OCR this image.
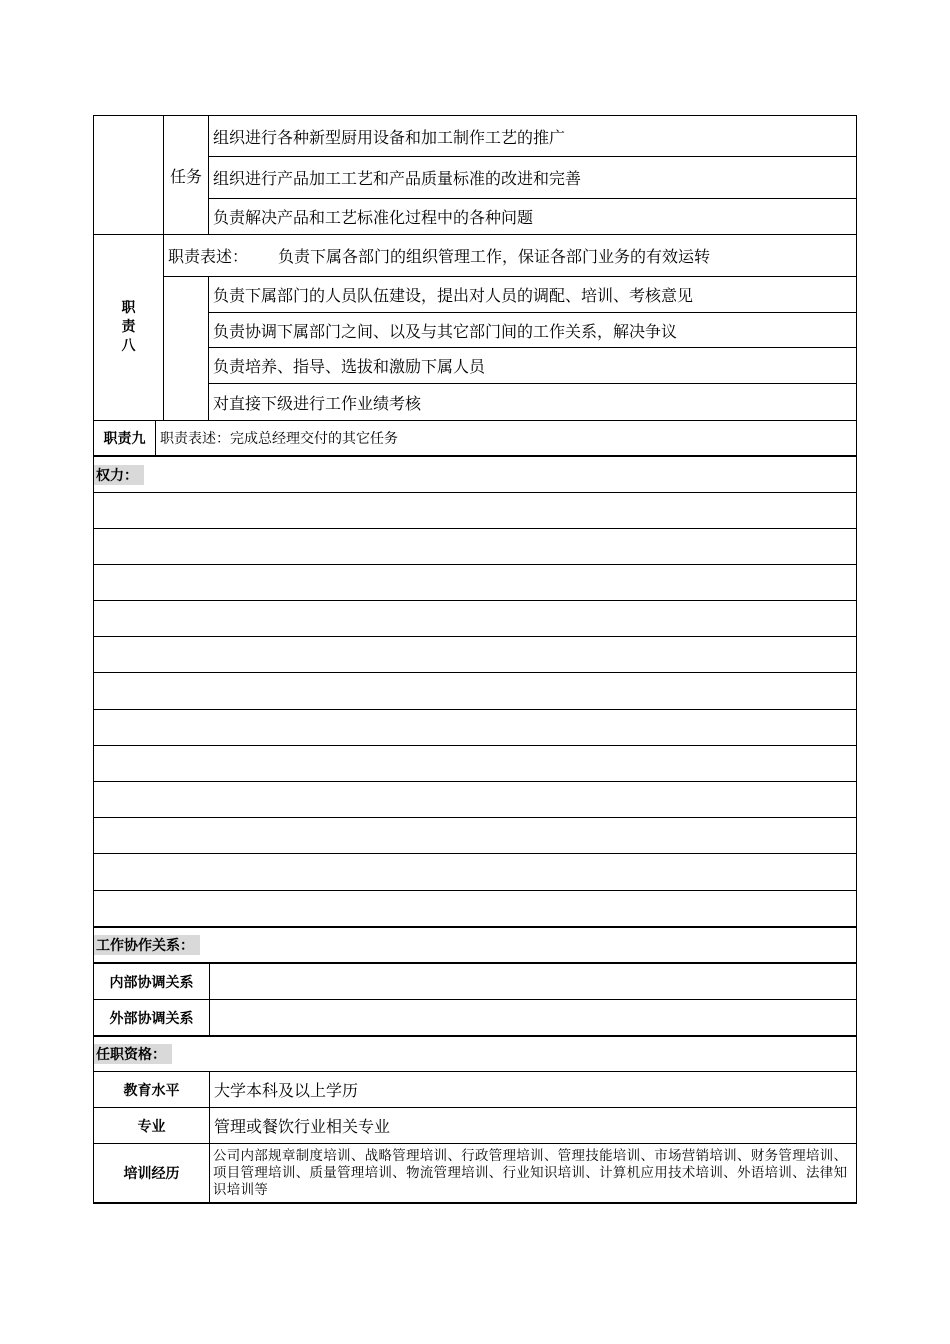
任务
组织进行各种新型厨用设备和加工制作工艺的推广
组织进行产品加工工艺和产品质量标准的改进和完善
负责解决产品和工艺标准化过程中的各种问题
职
责
八
职责表述： 负责下属各部门的组织管理工作，保证各部门业务的有效运转
负责下属部门的人员队伍建设，提出对人员的调配、培训、考核意见
负责协调下属部门之间、以及与其它部门间的工作关系，解决争议
负责培养、指导、选拔和激励下属人员
对直接下级进行工作业绩考核
职责九 职责表述：完成总经理交付的其它任务
权力：
工作协作关系：
内部协调关系
外部协调关系
任职资格：
教育水平 大学本科及以上学历
专业	管理或餐饮行业相关专业
培训经历
公司内部规章制度培训、战略管理培训、行政管理培训、管理技能培训、市场营销培训、财务管理培训、项目管理培训、质量管理培训、物流管理培训、行业知识培训、计算机应用技术培训、外语培训、法律知识培训等
